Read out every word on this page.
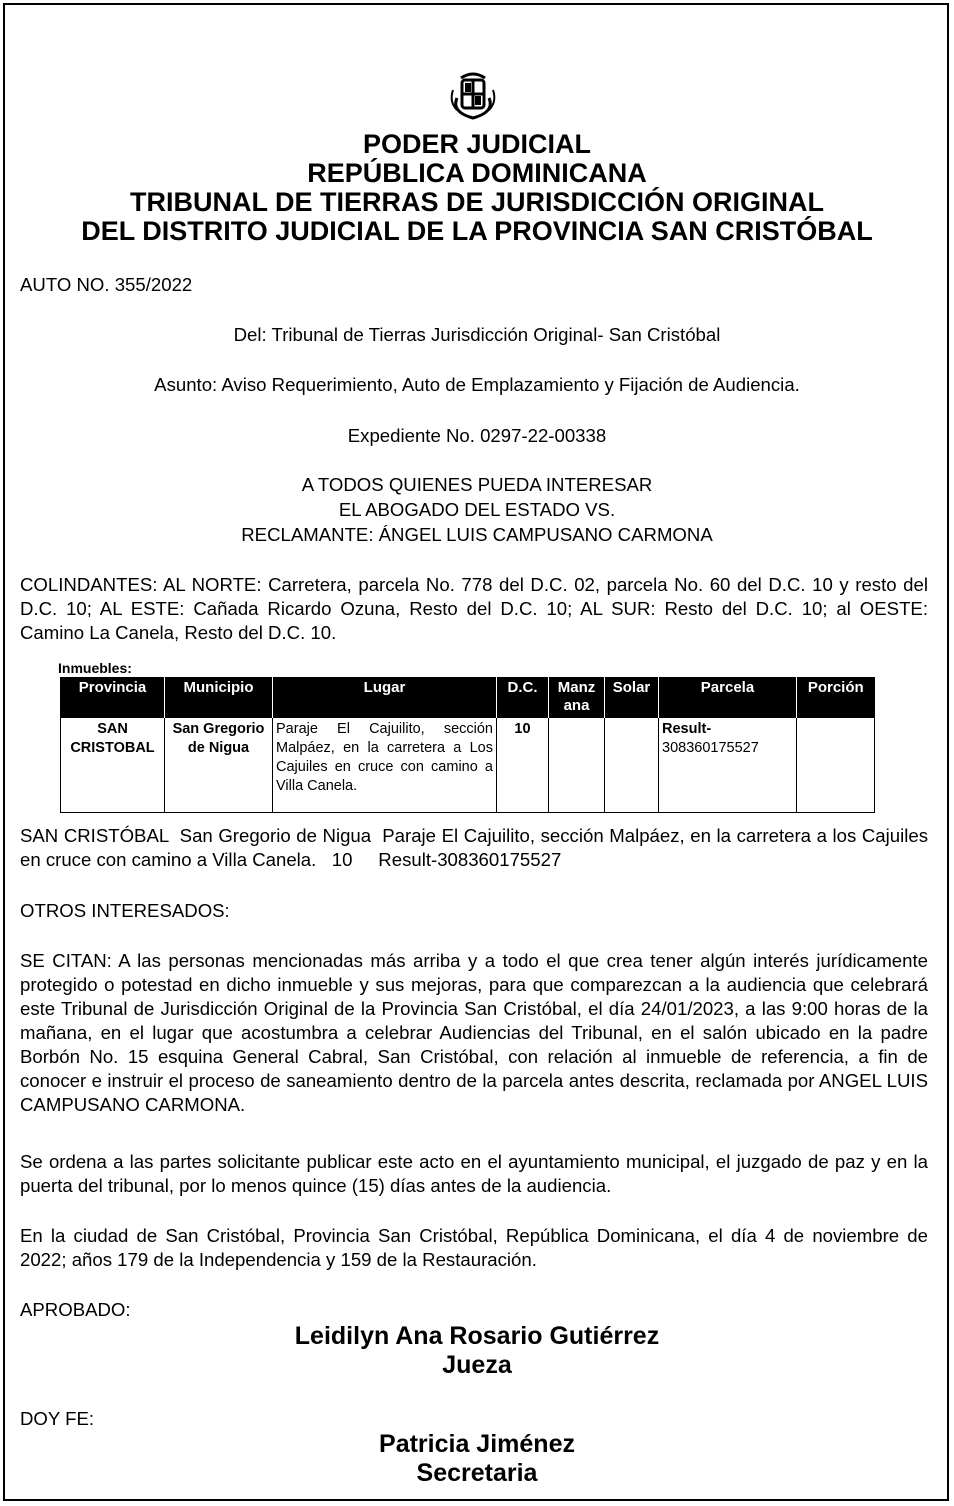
PODER JUDICIAL
REPÚBLICA DOMINICANA
TRIBUNAL DE TIERRAS DE JURISDICCIÓN ORIGINAL
DEL DISTRITO JUDICIAL DE LA PROVINCIA SAN CRISTÓBAL

AUTO NO. 355/2022

Del: Tribunal de Tierras Jurisdicción Original- San Cristóbal

Asunto: Aviso Requerimiento, Auto de Emplazamiento y Fijación de Audiencia.

Expediente No. 0297-22-00338

A TODOS QUIENES PUEDA INTERESAR

EL ABOGADO DEL ESTADO VS.

RECLAMANTE: ÁNGEL LUIS CAMPUSANO CARMONA

COLINDANTES: AL NORTE: Carretera, parcela No. 778 del D.C. 02, parcela No. 60 del D.C. 10 y resto del D.C. 10; AL ESTE: Cañada Ricardo Ozuna, Resto del D.C. 10; AL SUR: Resto del D.C. 10; al OESTE: Camino La Canela, Resto del D.C. 10.

Inmuebles:
Provincia	Municipio	Lugar	D.C.	Manz ana	Solar	Parcela	Porción
SAN CRISTOBAL	San Gregorio de Nigua	Paraje El Cajuilito, sección Malpáez, en la carretera a Los Cajuiles en cruce con camino a Villa Canela.	10			Result-
308360175527	

SAN CRISTÓBAL  San Gregorio de Nigua  Paraje El Cajuilito, sección Malpáez, en la carretera a los Cajuiles en cruce con camino a Villa Canela.   10     Result-308360175527

OTROS INTERESADOS:

SE CITAN: A las personas mencionadas más arriba y a todo el que crea tener algún interés jurídicamente protegido o potestad en dicho inmueble y sus mejoras, para que comparezcan a la audiencia que celebrará este Tribunal de Jurisdicción Original de la Provincia San Cristóbal, el día 24/01/2023, a las 9:00 horas de la mañana, en el lugar que acostumbra a celebrar Audiencias del Tribunal, en el salón ubicado en la padre Borbón No. 15 esquina General Cabral, San Cristóbal, con relación al inmueble de referencia, a fin de conocer e instruir el proceso de saneamiento dentro de la parcela antes descrita, reclamada por ANGEL LUIS CAMPUSANO CARMONA.

Se ordena a las partes solicitante publicar este acto en el ayuntamiento municipal, el juzgado de paz y en la puerta del tribunal, por lo menos quince (15) días antes de la audiencia.

En la ciudad de San Cristóbal, Provincia San Cristóbal, República Dominicana, el día 4 de noviembre de 2022; años 179 de la Independencia y 159 de la Restauración.

APROBADO:

Leidilyn Ana Rosario Gutiérrez
Jueza

DOY FE:

Patricia Jiménez
Secretaria
